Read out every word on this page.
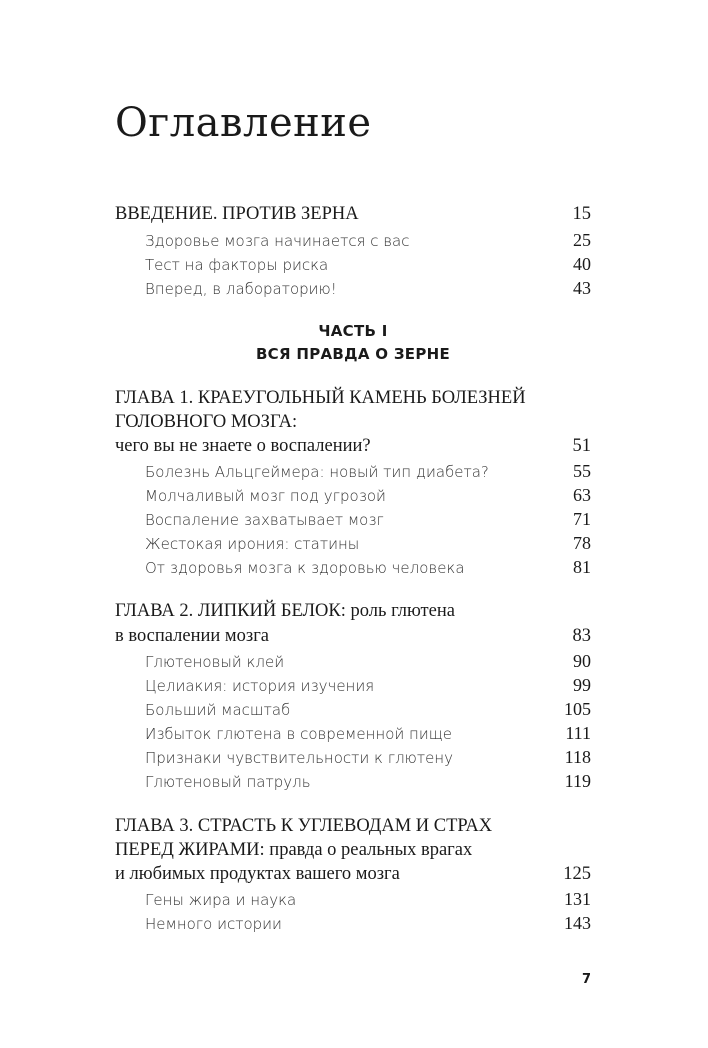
Оглавление
ВВЕДЕНИЕ. ПРОТИВ ЗЕРНА	15
Здоровье мозга начинается с вас	25
Тест на факторы риска	40
Вперед, в лабораторию!	43
ЧАСТЬ I
ВСЯ ПРАВДА О ЗЕРНЕ
ГЛАВА 1. КРАЕУГОЛЬНЫЙ КАМЕНЬ БОЛЕЗНЕЙ
ГОЛОВНОГО МОЗГА:
чего вы не знаете о воспалении?	51
Болезнь Альцгеймера: новый тип диабета?	55
Молчаливый мозг под угрозой	63
Воспаление захватывает мозг	71
Жестокая ирония: статины	78
От здоровья мозга к здоровью человека	81
ГЛАВА 2. ЛИПКИЙ БЕЛОК: роль глютена
в воспалении мозга	83
Глютеновый клей	90
Целиакия: история изучения	99
Больший масштаб	105
Избыток глютена в современной пище	111
Признаки чувствительности к глютену	118
Глютеновый патруль	119
ГЛАВА 3. СТРАСТЬ К УГЛЕВОДАМ И СТРАХ
ПЕРЕД ЖИРАМИ: правда о реальных врагах
и любимых продуктах вашего мозга	125
Гены жира и наука	131
Немного истории	143
7
